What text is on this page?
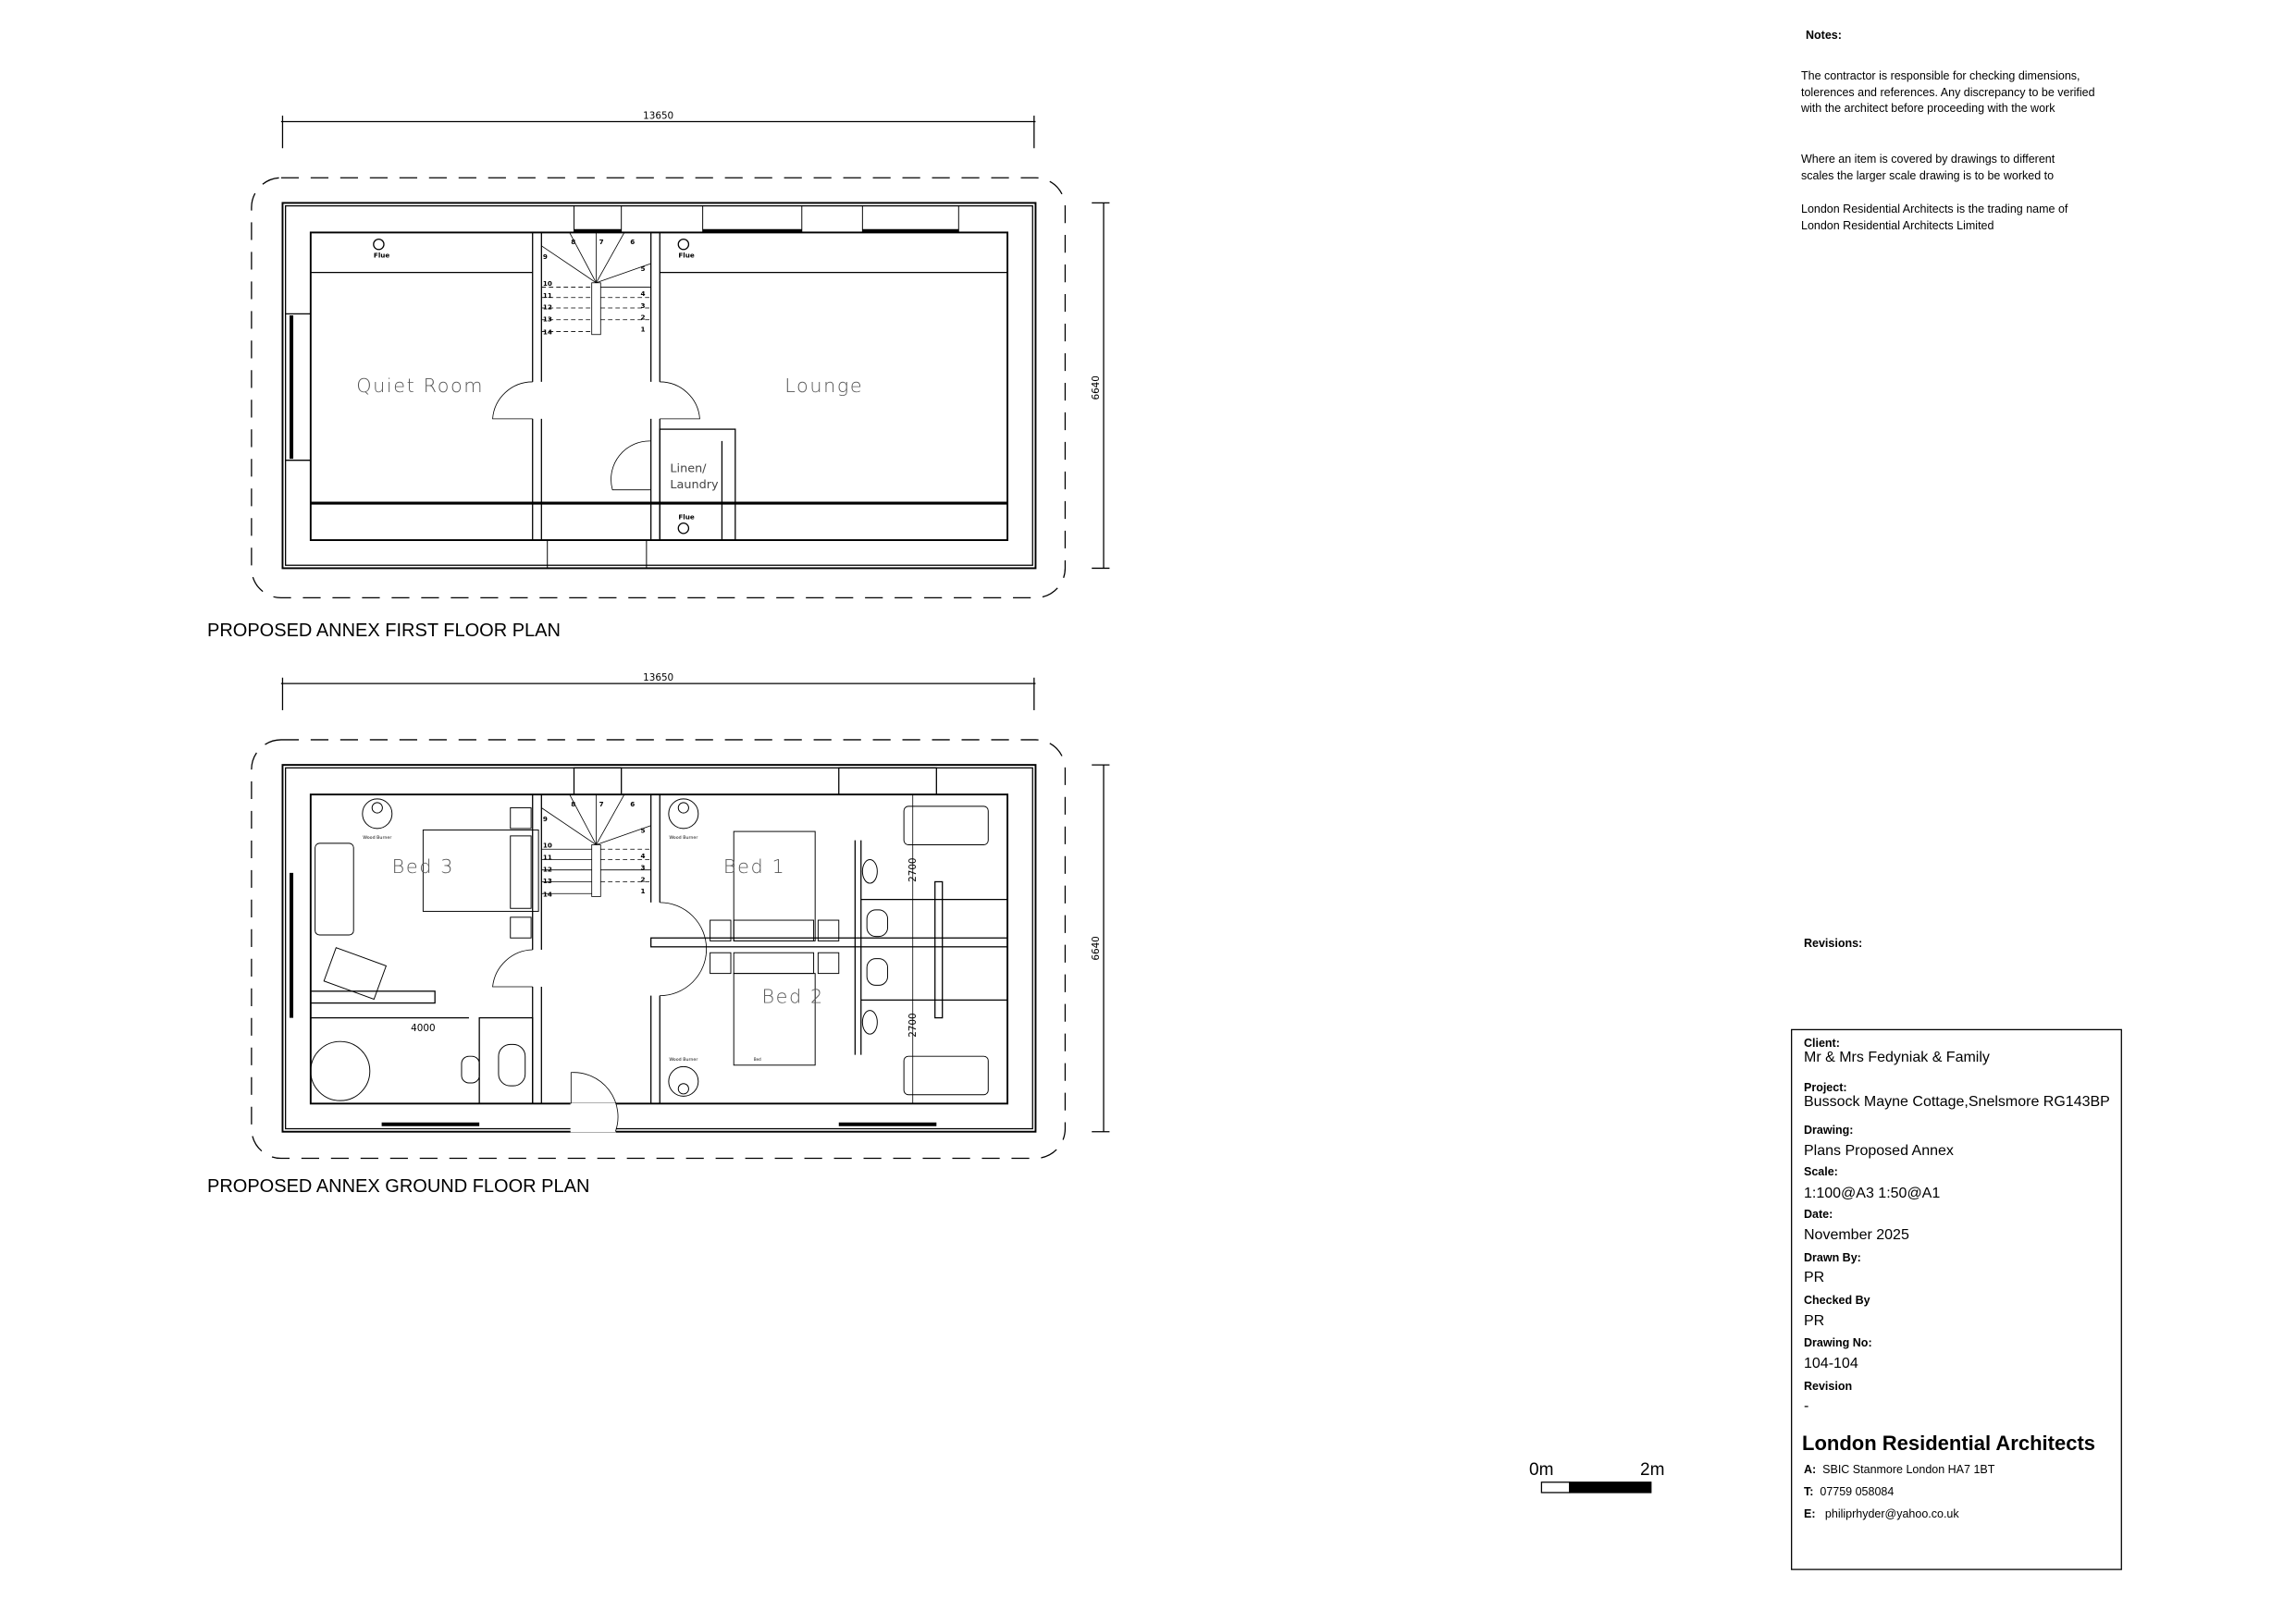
13650
6640
1
2
3
4
5
6
7
8
9
10
11
12
13
14
Flue	Flue
Flue
Quiet Room	Lounge
Linen/
Laundry
13650
6640
1
2
3
4
5
6
7
8
9
10
11
12
13
14
Wood Burner	Wood Burner
Wood Burner	Bed
4000
2700
2700
Bed 3	Bed 1
Bed 2
PROPOSED ANNEX FIRST FLOOR PLAN
PROPOSED ANNEX GROUND FLOOR PLAN
0m	2m
Notes:
The contractor is responsible for checking dimensions, tolerences and references. Any discrepancy to be verified with the architect before proceeding with the work
Where an item is covered by drawings to different scales the larger scale drawing is to be worked to
London Residential Architects is the trading name of London Residential Architects Limited
Revisions:
Client:
Mr & Mrs Fedyniak & Family
Project:
Bussock Mayne Cottage,Snelsmore RG143BP
Drawing:
Plans Proposed Annex
Scale:
1:100@A3 1:50@A1
Date:
November 2025
Drawn By:
PR
Checked By
PR
Drawing No:
104-104
Revision
-
London Residential Architects
A: SBIC Stanmore London HA7 1BT
T: 07759 058084
E: philiprhyder@yahoo.co.uk
